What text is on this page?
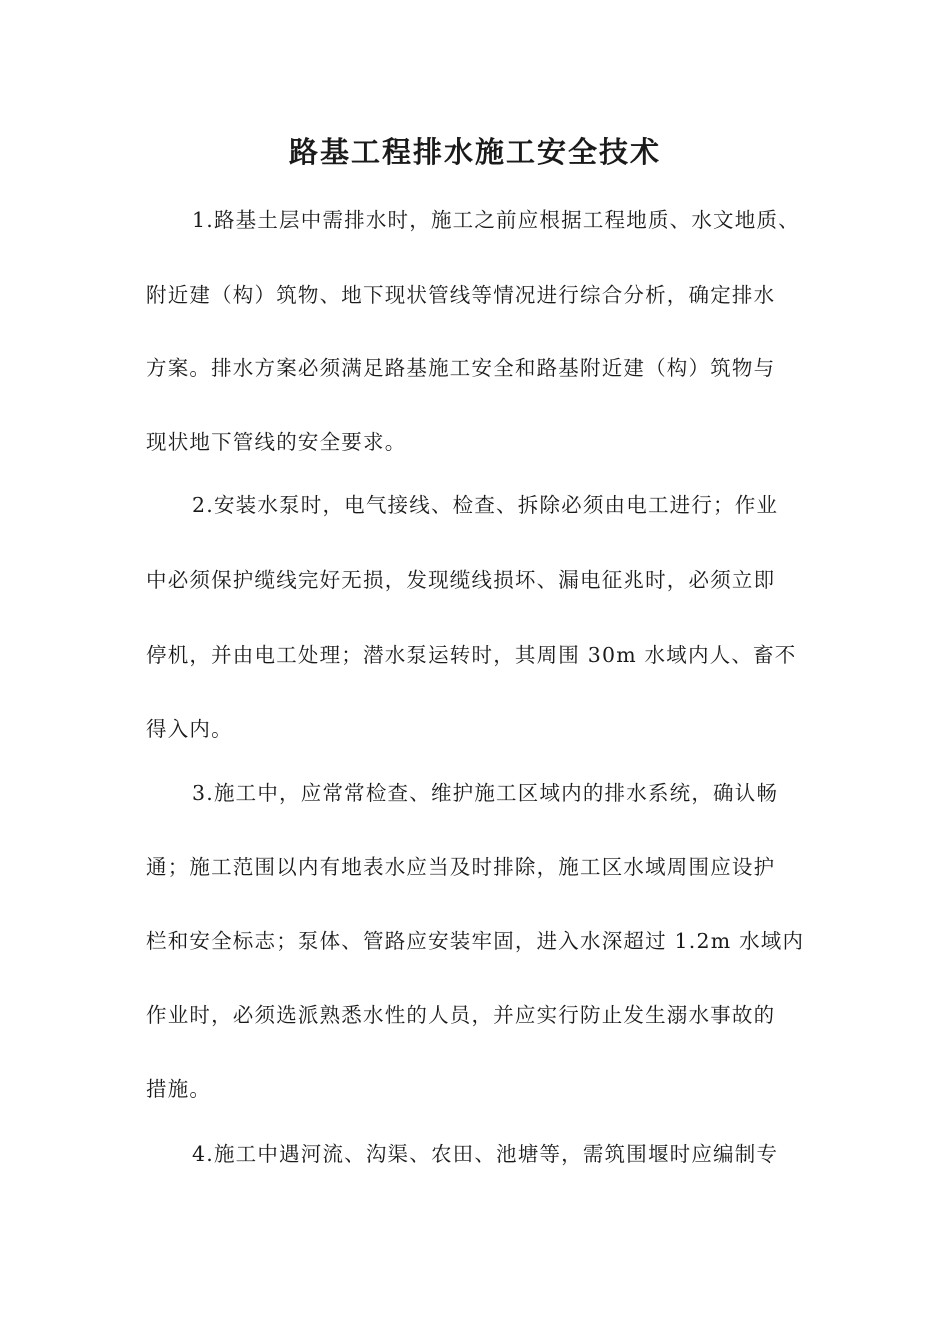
路基工程排水施工安全技术
1.路基土层中需排水时，施工之前应根据工程地质、水文地质、
附近建（构）筑物、地下现状管线等情况进行综合分析，确定排水
方案。排水方案必须满足路基施工安全和路基附近建（构）筑物与
现状地下管线的安全要求。
2.安装水泵时，电气接线、检查、拆除必须由电工进行；作业
中必须保护缆线完好无损，发现缆线损坏、漏电征兆时，必须立即
停机，并由电工处理；潜水泵运转时，其周围 30m 水域内人、畜不
得入内。
3.施工中，应常常检查、维护施工区域内的排水系统，确认畅
通；施工范围以内有地表水应当及时排除，施工区水域周围应设护
栏和安全标志；泵体、管路应安装牢固，进入水深超过 1.2m 水域内
作业时，必须选派熟悉水性的人员，并应实行防止发生溺水事故的
措施。
4.施工中遇河流、沟渠、农田、池塘等，需筑围堰时应编制专
